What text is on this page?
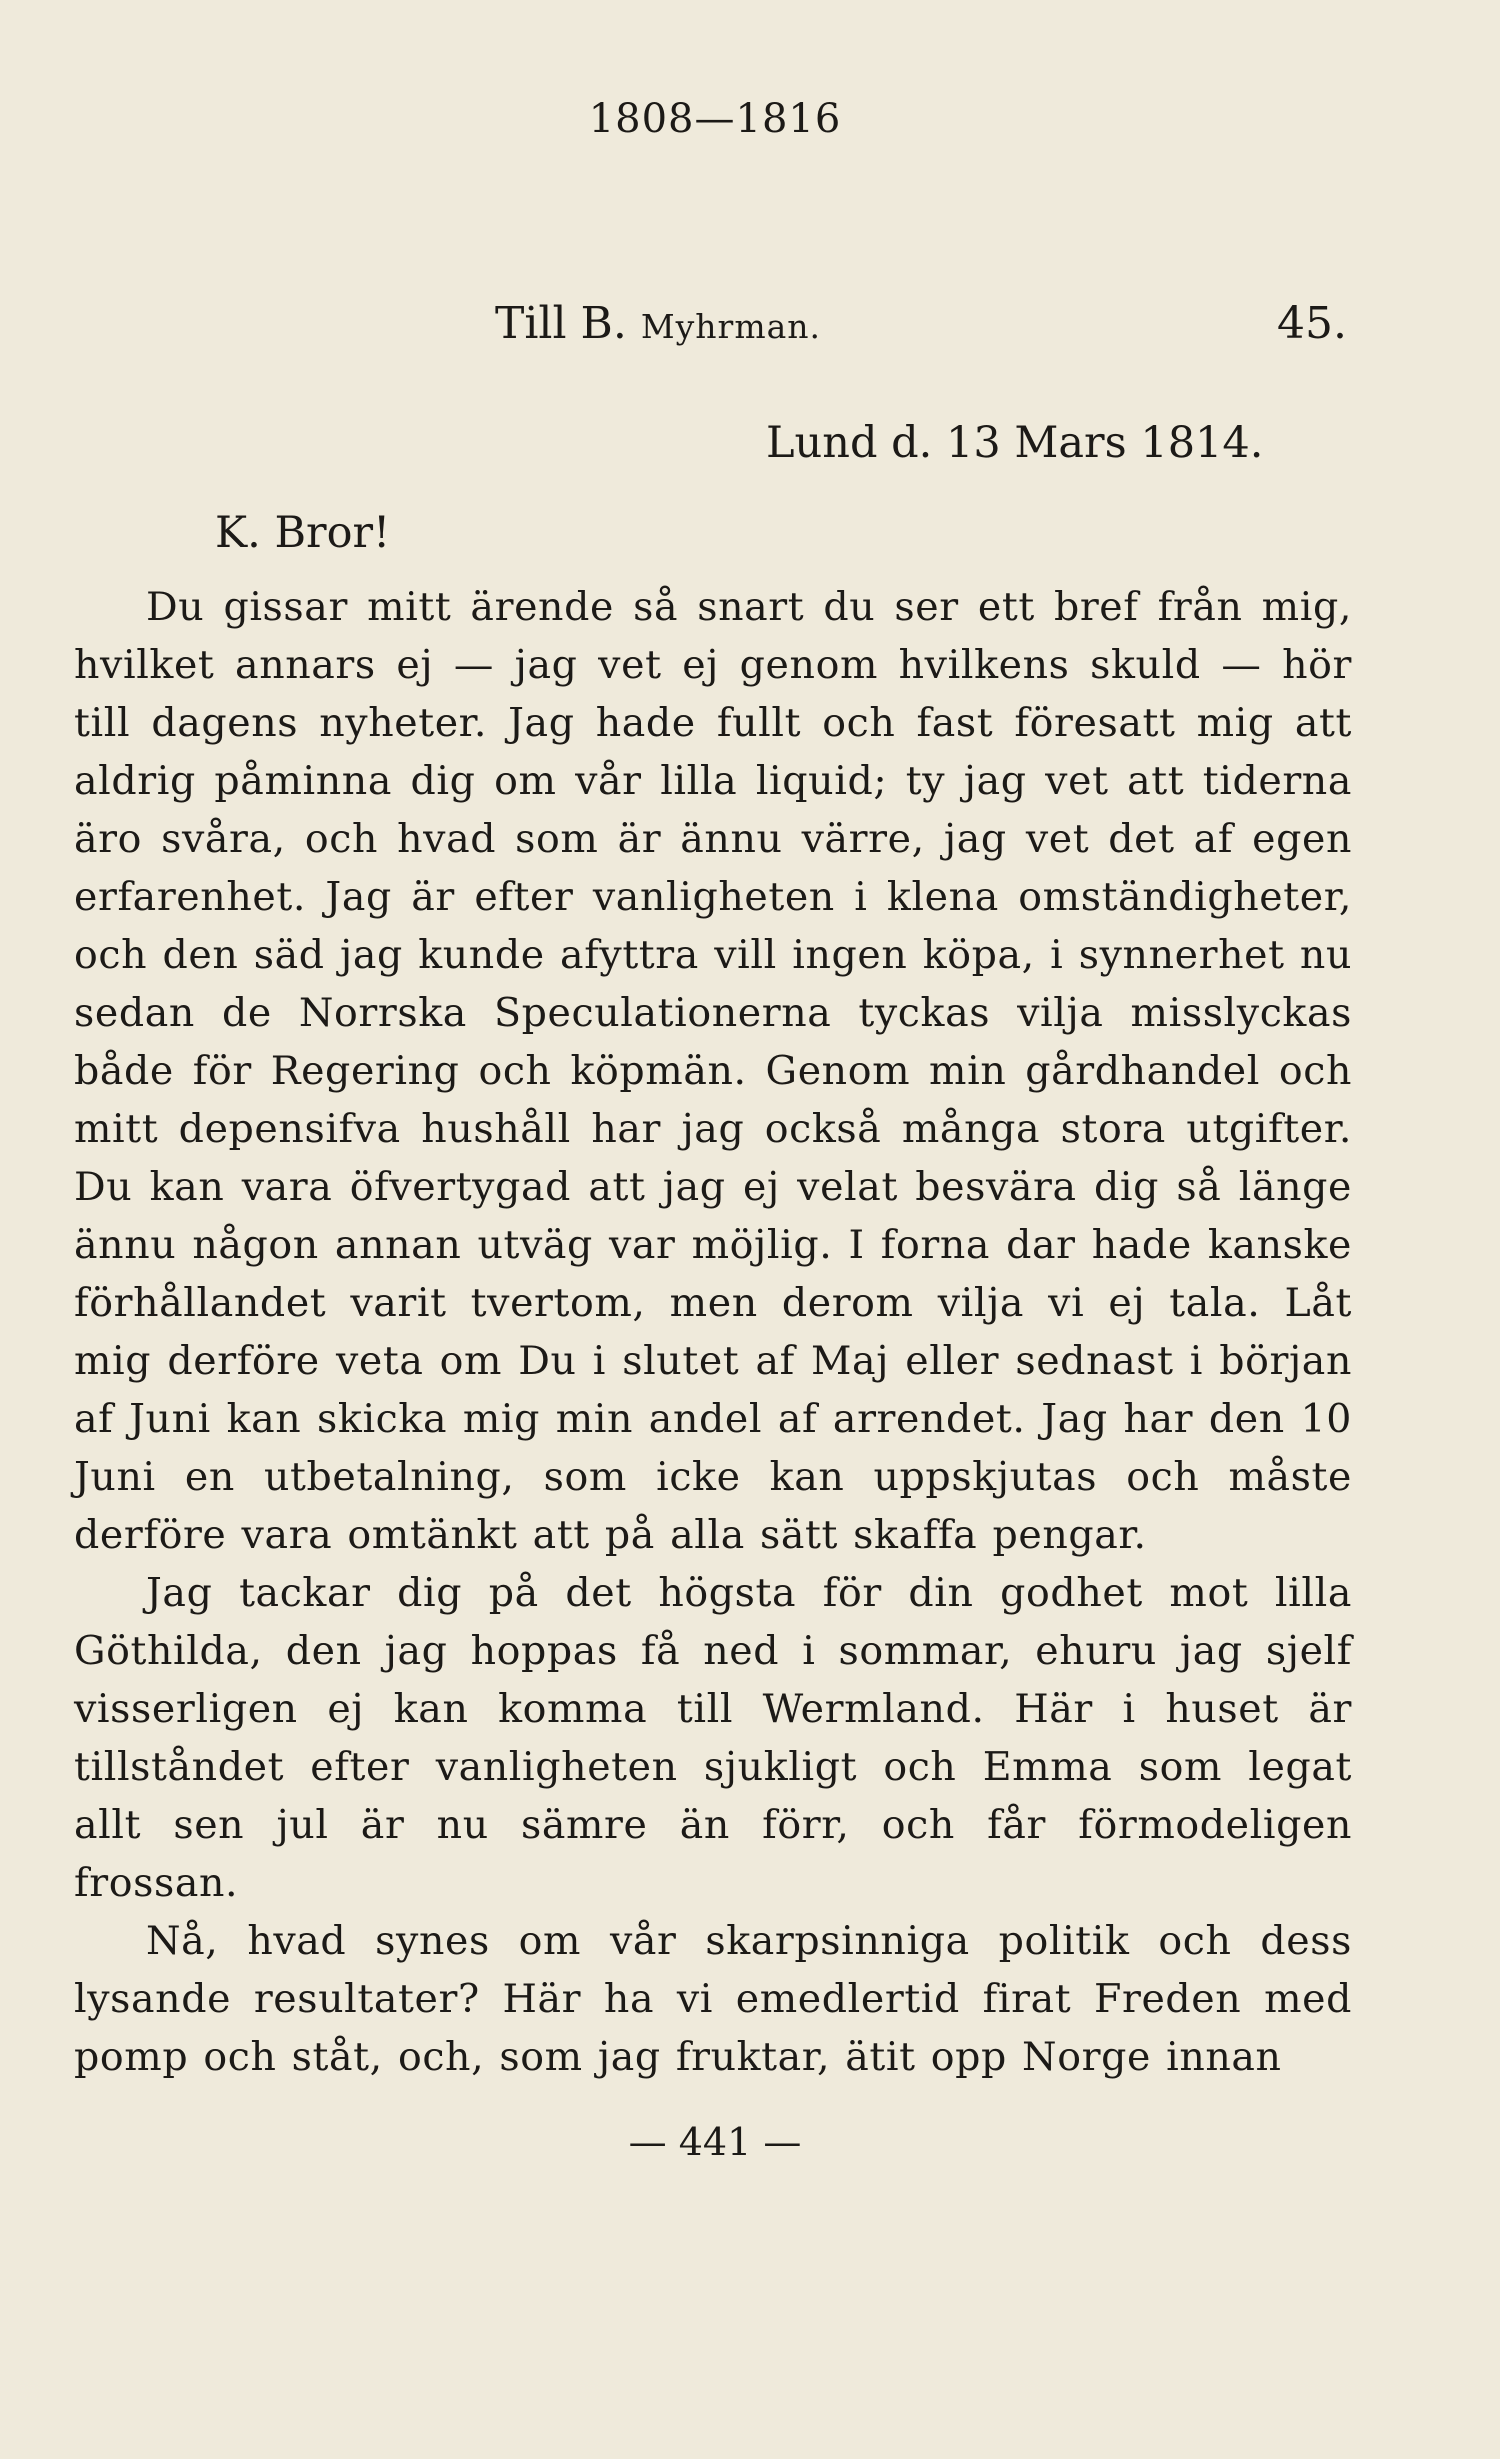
1808—1816
Till B. Myhrman.	45.
Lund d. 13 Mars 1814.
K. Bror!

Du gissar mitt ärende så snart du ser ett bref från mig, hvilket annars ej — jag vet ej genom hvilkens skuld — hör till dagens nyheter. Jag hade fullt och fast föresatt mig att aldrig påminna dig om vår lilla liquid; ty jag vet att tiderna äro svåra, och hvad som är ännu värre, jag vet det af egen erfarenhet. Jag är efter vanligheten i klena omständigheter, och den säd jag kunde afyttra vill ingen köpa, i synnerhet nu sedan de Norrska Speculationerna tyckas vilja misslyckas både för Regering och köpmän. Genom min gårdhandel och mitt depensifva hushåll har jag också många stora utgifter. Du kan vara öfvertygad att jag ej velat besvära dig så länge ännu någon annan utväg var möjlig. I forna dar hade kanske förhållandet varit tvertom, men derom vilja vi ej tala. Låt mig derföre veta om Du i slutet af Maj eller sednast i början af Juni kan skicka mig min andel af arrendet. Jag har den 10 Juni en utbetalning, som icke kan uppskjutas och måste derföre vara omtänkt att på alla sätt skaffa pengar.

Jag tackar dig på det högsta för din godhet mot lilla Göthilda, den jag hoppas få ned i sommar, ehuru jag sjelf visserligen ej kan komma till Wermland. Här i huset är tillståndet efter vanligheten sjukligt och Emma som legat allt sen jul är nu sämre än förr, och får förmodeligen frossan.

Nå, hvad synes om vår skarpsinniga politik och dess lysande resultater? Här ha vi emedlertid firat Freden med pomp och ståt, och, som jag fruktar, ätit opp Norge innan

— 441 —
